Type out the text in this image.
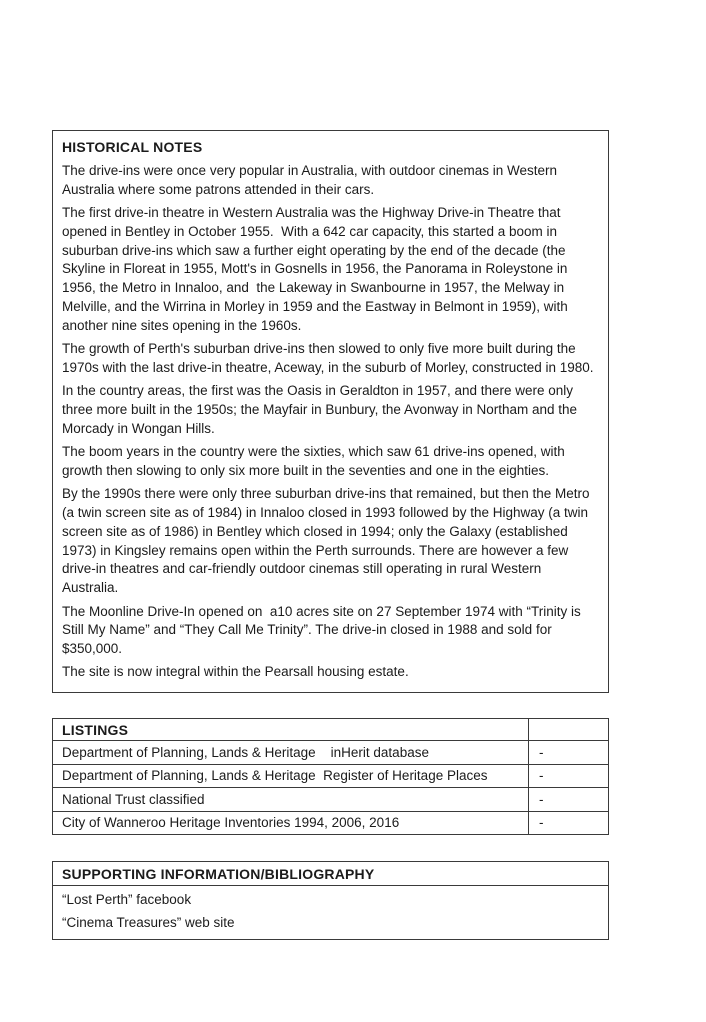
HISTORICAL NOTES

The drive-ins were once very popular in Australia, with outdoor cinemas in Western Australia where some patrons attended in their cars.

The first drive-in theatre in Western Australia was the Highway Drive-in Theatre that opened in Bentley in October 1955.  With a 642 car capacity, this started a boom in suburban drive-ins which saw a further eight operating by the end of the decade (the Skyline in Floreat in 1955, Mott's in Gosnells in 1956, the Panorama in Roleystone in 1956, the Metro in Innaloo, and  the Lakeway in Swanbourne in 1957, the Melway in Melville, and the Wirrina in Morley in 1959 and the Eastway in Belmont in 1959), with another nine sites opening in the 1960s.

The growth of Perth's suburban drive-ins then slowed to only five more built during the 1970s with the last drive-in theatre, Aceway, in the suburb of Morley, constructed in 1980.

In the country areas, the first was the Oasis in Geraldton in 1957, and there were only three more built in the 1950s; the Mayfair in Bunbury, the Avonway in Northam and the Morcady in Wongan Hills.

The boom years in the country were the sixties, which saw 61 drive-ins opened, with growth then slowing to only six more built in the seventies and one in the eighties.

By the 1990s there were only three suburban drive-ins that remained, but then the Metro (a twin screen site as of 1984) in Innaloo closed in 1993 followed by the Highway (a twin screen site as of 1986) in Bentley which closed in 1994; only the Galaxy (established 1973) in Kingsley remains open within the Perth surrounds. There are however a few drive-in theatres and car-friendly outdoor cinemas still operating in rural Western Australia.

The Moonline Drive-In opened on  a10 acres site on 27 September 1974 with “Trinity is Still My Name” and “They Call Me Trinity”. The drive-in closed in 1988 and sold for $350,000.

The site is now integral within the Pearsall housing estate.

LISTINGS
Department of Planning, Lands & Heritage    inHerit database	-
Department of Planning, Lands & Heritage  Register of Heritage Places	-
National Trust classified	-
City of Wanneroo Heritage Inventories 1994, 2006, 2016	-
SUPPORTING INFORMATION/BIBLIOGRAPHY
“Lost Perth” facebook
“Cinema Treasures” web site
